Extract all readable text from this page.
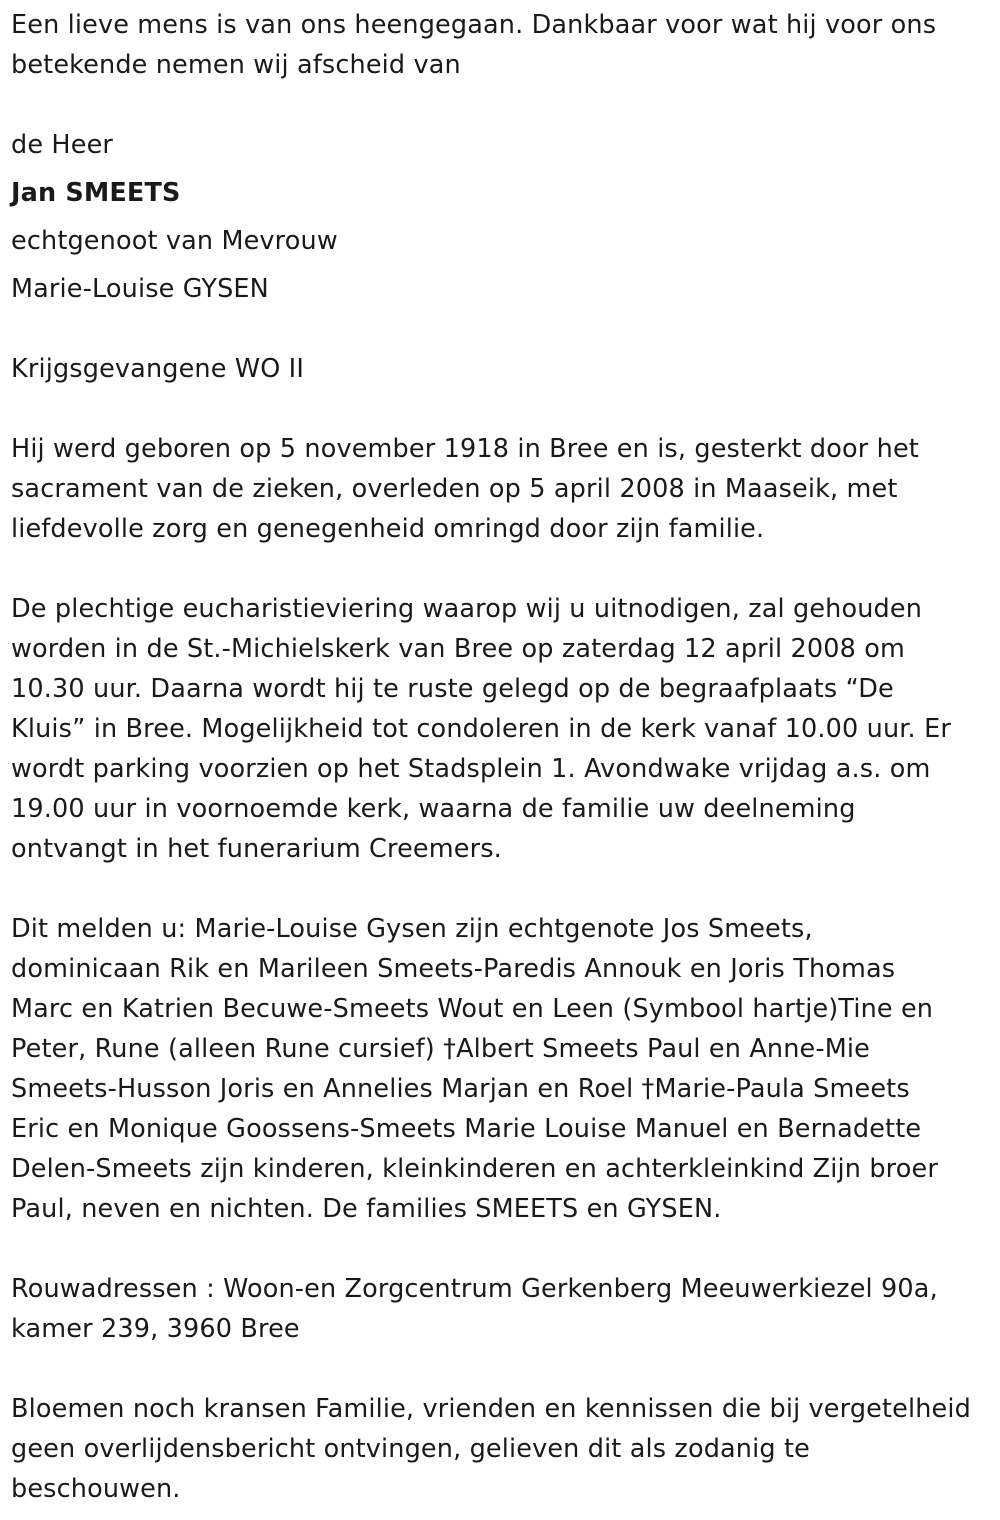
Een lieve mens is van ons heengegaan. Dankbaar voor wat hij voor ons
betekende nemen wij afscheid van
de Heer
Jan SMEETS
echtgenoot van Mevrouw
Marie-Louise GYSEN
Krijgsgevangene WO II
Hij werd geboren op 5 november 1918 in Bree en is, gesterkt door het
sacrament van de zieken, overleden op 5 april 2008 in Maaseik, met
liefdevolle zorg en genegenheid omringd door zijn familie.
De plechtige eucharistieviering waarop wij u uitnodigen, zal gehouden
worden in de St.-Michielskerk van Bree op zaterdag 12 april 2008 om
10.30 uur. Daarna wordt hij te ruste gelegd op de begraafplaats “De
Kluis” in Bree. Mogelijkheid tot condoleren in de kerk vanaf 10.00 uur. Er
wordt parking voorzien op het Stadsplein 1. Avondwake vrijdag a.s. om
19.00 uur in voornoemde kerk, waarna de familie uw deelneming
ontvangt in het funerarium Creemers.
Dit melden u: Marie-Louise Gysen zijn echtgenote Jos Smeets,
dominicaan Rik en Marileen Smeets-Paredis Annouk en Joris Thomas
Marc en Katrien Becuwe-Smeets Wout en Leen (Symbool hartje)Tine en
Peter, Rune (alleen Rune cursief) †Albert Smeets Paul en Anne-Mie
Smeets-Husson Joris en Annelies Marjan en Roel †Marie-Paula Smeets
Eric en Monique Goossens-Smeets Marie Louise Manuel en Bernadette
Delen-Smeets zijn kinderen, kleinkinderen en achterkleinkind Zijn broer
Paul, neven en nichten. De families SMEETS en GYSEN.
Rouwadressen : Woon-en Zorgcentrum Gerkenberg Meeuwerkiezel 90a,
kamer 239, 3960 Bree
Bloemen noch kransen Familie, vrienden en kennissen die bij vergetelheid
geen overlijdensbericht ontvingen, gelieven dit als zodanig te
beschouwen.
